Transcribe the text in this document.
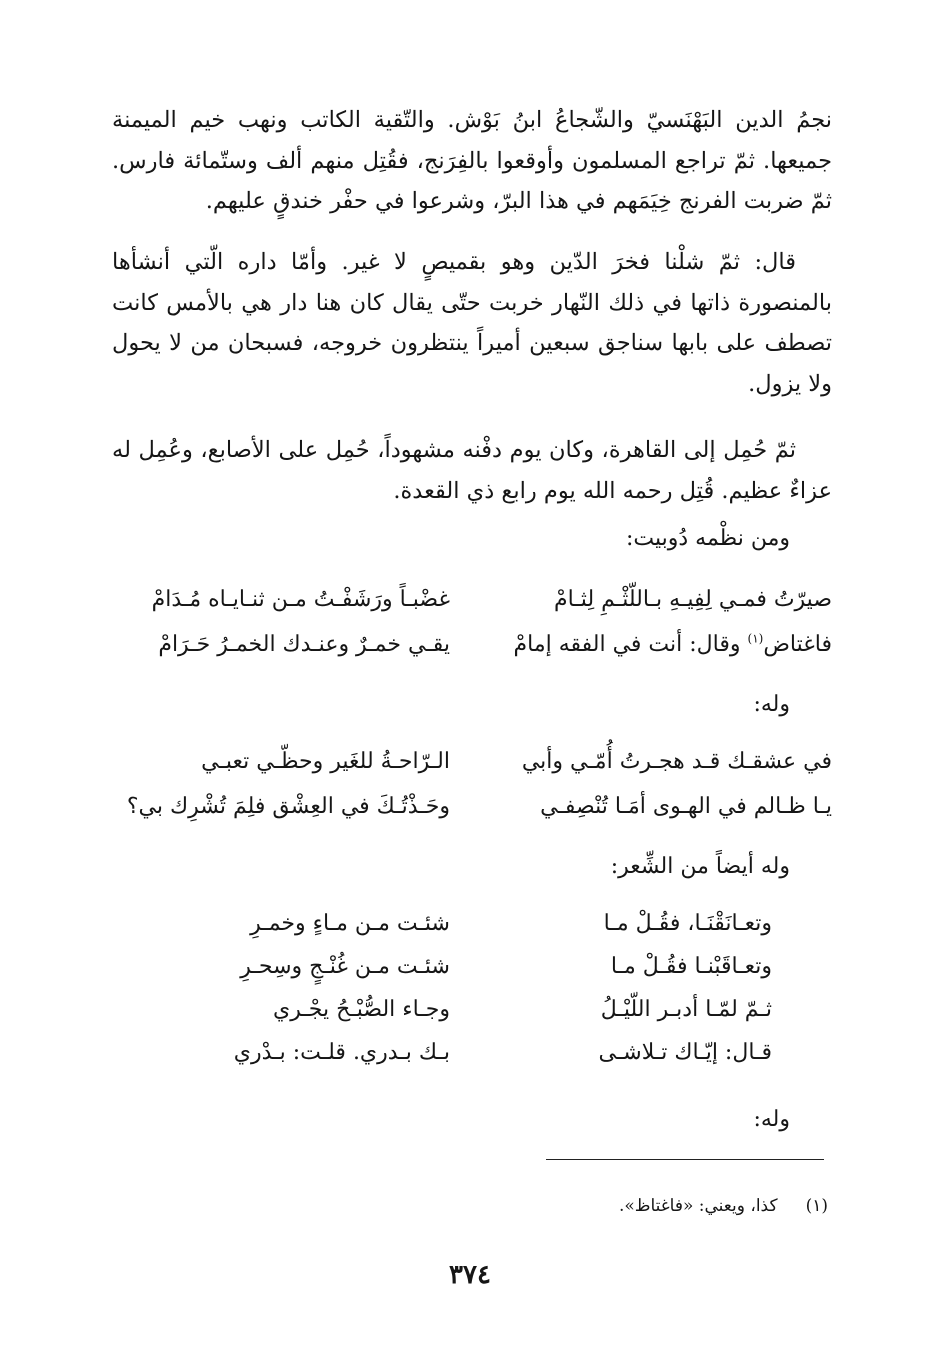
نجمُ الدين البَهْنَسيّ والشّجاعُ ابنُ بَوْش. والتّقية الكاتب ونهب خيم الميمنة جميعها. ثمّ تراجع المسلمون وأوقعوا بالفِرَنج، فقُتِل منهم ألف وستّمائة فارس. ثمّ ضربت الفرنج خِيَمَهم في هذا البرّ، وشرعوا في حفْر خندقٍ عليهم.
قال: ثمّ شلْنا فخرَ الدّين وهو بقميصٍ لا غير. وأمّا داره الّتي أنشأها بالمنصورة ذاتها في ذلك النّهار خربت حتّى يقال كان هنا دار هي بالأمس كانت تصطف على بابها سناجق سبعين أميراً ينتظرون خروجه، فسبحان من لا يحول ولا يزول.
ثمّ حُمِل إلى القاهرة، وكان يوم دفْنه مشهوداً، حُمِل على الأصابع، وعُمِل له عزاءٌ عظيم. قُتِل رحمه الله يوم رابع ذي القعدة.
ومن نظْمه دُوبيت:
صيرّتُ فمـي لِفِيـهِ بـاللّثْـمِ لِثـامْ
غضْبـاً ورَشَفْـتُ مـن ثنـايـاه مُـدَامْ
فاغتاض$^{(١)}$ وقال: أنت في الفقه إمامْ
يقـي خمـرٌ وعنـدك الخمـرُ حَـرَامْ
وله:
في عشقـك قـد هجـرتُ أُمّـي وأبي
الـرّاحـةُ للغَير وحظّـي تعبـي
يـا ظـالم في الهـوى أمَـا تُنْصِفـي
وحَـذْتُـكَ في العِشْق فلِمَ تُشْرِك بي؟
وله أيضاً من الشِّعر:
وتعـانَقْنَـا، فقُـلْ مـا
شئـت مـن مـاءٍ وخمـرِ
وتعـاقَبْنـا فقُـلْ مـا
شئـت مـن غُنْـجٍ وسِحـرِ
ثـمّ لمّـا أدبـر اللّيْـلُ
وجـاء الصُّبْـحُ يجْـري
قـال: إيّـاك تـلاشـى
بـك بـدري. قلـت: بـدْري
وله:
(١)كذا، ويعني: «فاغتاظ».
٣٧٤
